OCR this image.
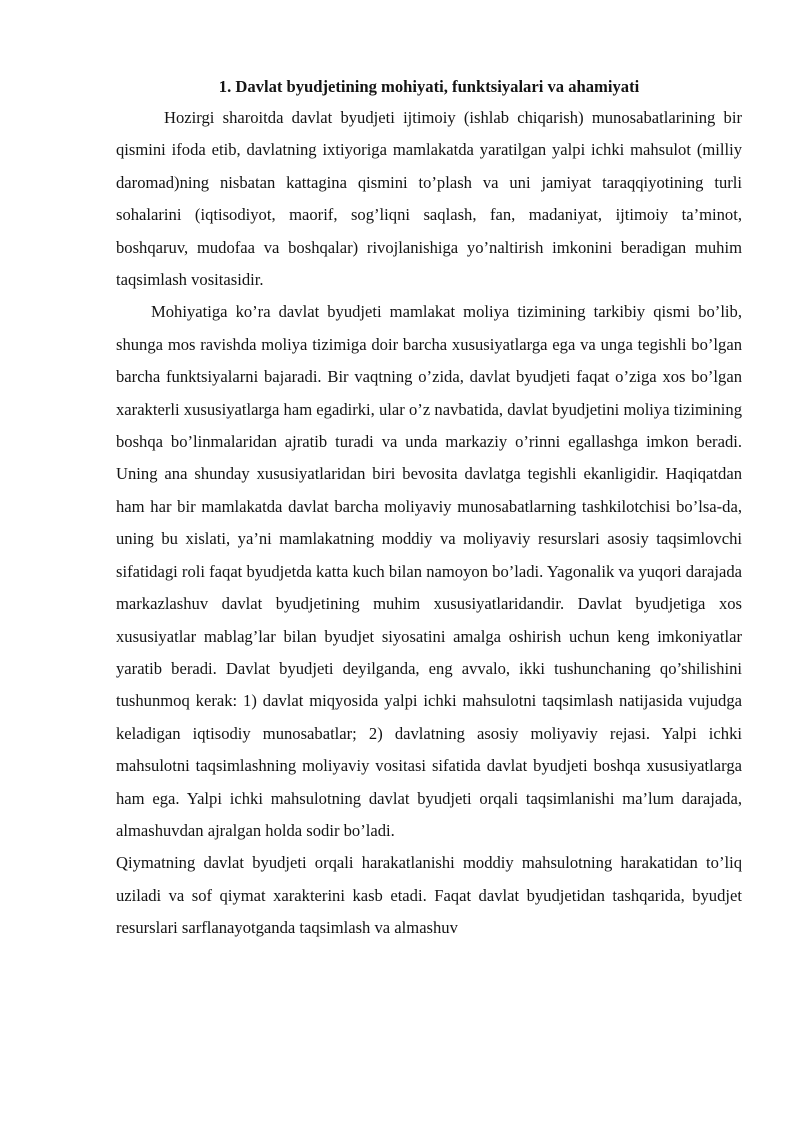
1. Davlat byudjetining mohiyati, funktsiyalari va ahamiyati

Hozirgi sharoitda davlat byudjeti ijtimoiy (ishlab chiqarish) munosabatlarining bir qismini ifoda etib, davlatning ixtiyoriga mamlakatda yaratilgan yalpi ichki mahsulot (milliy daromad)ning nisbatan kattagina qismini to’plash va uni jamiyat taraqqiyotining turli sohalarini (iqtisodiyot, maorif, sog’liqni saqlash, fan, madaniyat, ijtimoiy ta’minot, boshqaruv, mudofaa va boshqalar) rivojlanishiga yo’naltirish imkonini beradigan muhim taqsimlash vositasidir.

Mohiyatiga ko’ra davlat byudjeti mamlakat moliya tizimining tarkibiy qismi bo’lib, shunga mos ravishda moliya tizimiga doir barcha xususiyatlarga ega va unga tegishli bo’lgan barcha funktsiyalarni bajaradi. Bir vaqtning o’zida, davlat byudjeti faqat o’ziga xos bo’lgan xarakterli xususiyatlarga ham egadirki, ular o’z navbatida, davlat byudjetini moliya tizimining boshqa bo’linmalaridan ajratib turadi va unda markaziy o’rinni egallashga imkon beradi. Uning ana shunday xususiyatlaridan biri bevosita davlatga tegishli ekanligidir. Haqiqatdan ham har bir mamlakatda davlat barcha moliyaviy munosabatlarning tashkilotchisi bo’lsa-da, uning bu xislati, ya’ni mamlakatning moddiy va moliyaviy resurslari asosiy taqsimlovchi sifatidagi roli faqat byudjetda katta kuch bilan namoyon bo’ladi. Yagonalik va yuqori darajada markazlashuv davlat byudjetining muhim xususiyatlaridandir. Davlat byudjetiga xos xususiyatlar mablag’lar bilan byudjet siyosatini amalga oshirish uchun keng imkoniyatlar yaratib beradi. Davlat byudjeti deyilganda, eng avvalo, ikki tushunchaning qo’shilishini tushunmoq kerak: 1) davlat miqyosida yalpi ichki mahsulotni taqsimlash natijasida vujudga keladigan iqtisodiy munosabatlar; 2) davlatning asosiy moliyaviy rejasi. Yalpi ichki mahsulotni taqsimlashning moliyaviy vositasi sifatida davlat byudjeti boshqa xususiyatlarga ham ega. Yalpi ichki mahsulotning davlat byudjeti orqali taqsimlanishi ma’lum darajada, almashuvdan ajralgan holda sodir bo’ladi.

Qiymatning davlat byudjeti orqali harakatlanishi moddiy mahsulotning harakatidan to’liq uziladi va sof qiymat xarakterini kasb etadi. Faqat davlat byudjetidan tashqarida, byudjet resurslari sarflanayotganda taqsimlash va almashuv
